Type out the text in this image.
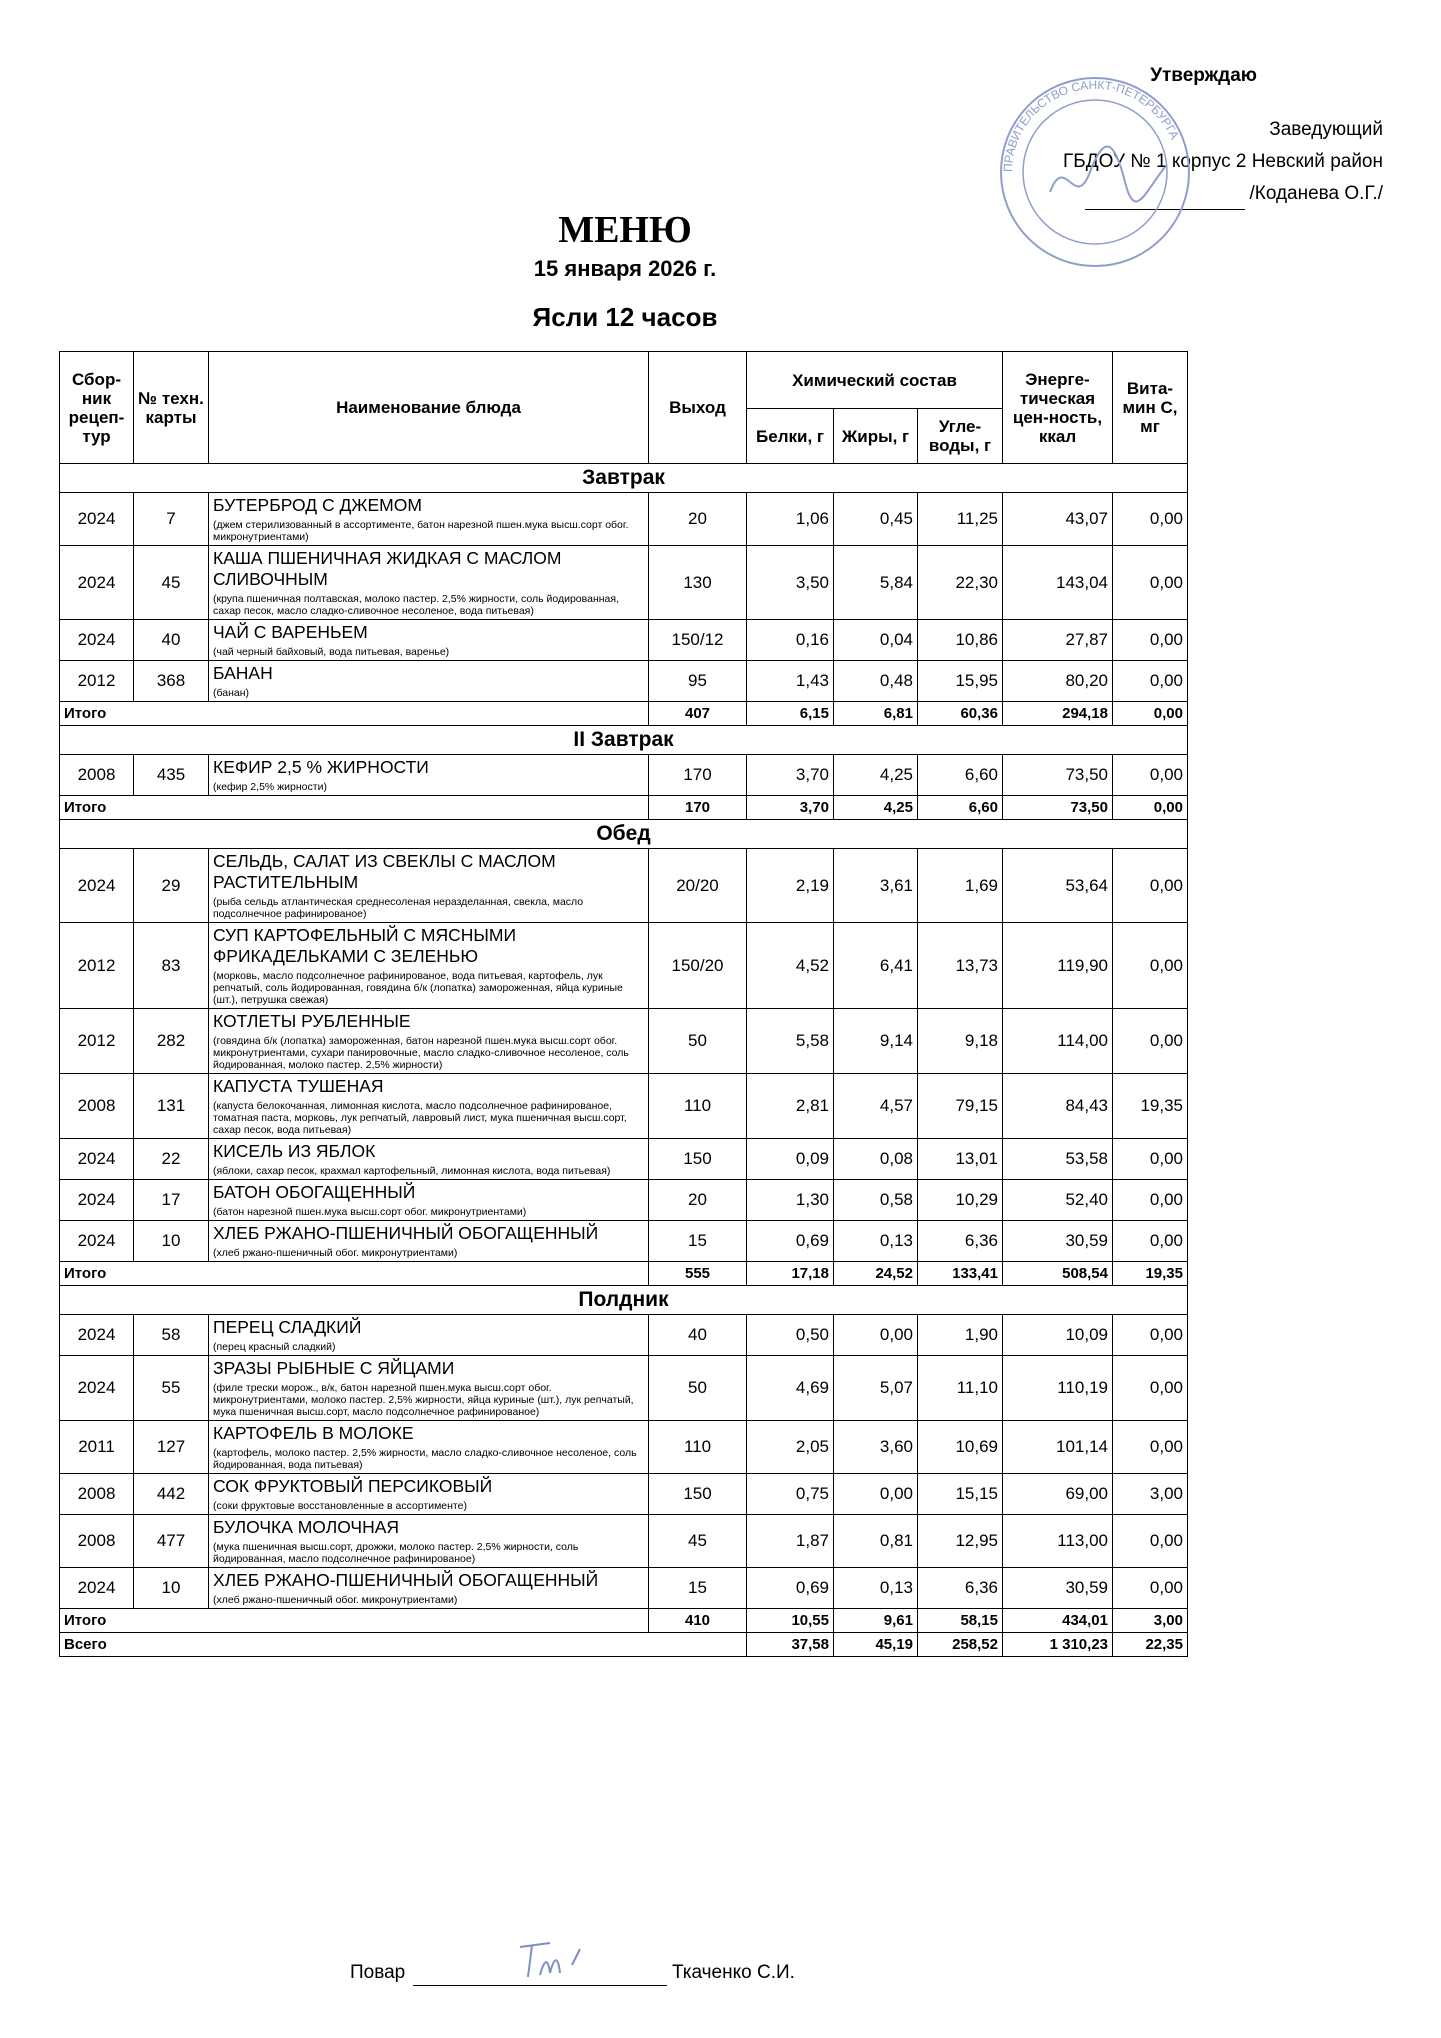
Утверждаю
Заведующий
ГБДОУ № 1 корпус 2 Невский район
/Коданева О.Г./
ПРАВИТЕЛЬСТВО САНКТ-ПЕТЕРБУРГА
МЕНЮ
15 января 2026 г.
Ясли 12 часов
Сбор-ник рецеп-тур	№ техн. карты	Наименование блюда	Выход	Химический состав			Энерге-тическая цен-ность, ккал	Вита-мин С, мг
				Белки, г	Жиры, г	Угле-воды, г		
Завтрак								
2024	7	БУТЕРБРОД С ДЖЕМОМ
(джем стерилизованный в ассортименте, батон нарезной пшен.мука высш.сорт обог. микронутриентами)	20	1,06	0,45	11,25	43,07	0,00
2024	45	КАША ПШЕНИЧНАЯ ЖИДКАЯ С МАСЛОМ СЛИВОЧНЫМ
(крупа пшеничная полтавская, молоко пастер. 2,5% жирности, соль йодированная, сахар песок, масло сладко-сливочное несоленое, вода питьевая)	130	3,50	5,84	22,30	143,04	0,00
2024	40	ЧАЙ С ВАРЕНЬЕМ
(чай черный байховый, вода питьевая, варенье)	150/12	0,16	0,04	10,86	27,87	0,00
2012	368	БАНАН
(банан)	95	1,43	0,48	15,95	80,20	0,00
Итого			407	6,15	6,81	60,36	294,18	0,00
II Завтрак								
2008	435	КЕФИР 2,5 % ЖИРНОСТИ
(кефир 2,5% жирности)	170	3,70	4,25	6,60	73,50	0,00
Итого			170	3,70	4,25	6,60	73,50	0,00
Обед								
2024	29	СЕЛЬДЬ, САЛАТ ИЗ СВЕКЛЫ С МАСЛОМ РАСТИТЕЛЬНЫМ
(рыба сельдь атлантическая среднесоленая неразделанная, свекла, масло подсолнечное рафинированое)	20/20	2,19	3,61	1,69	53,64	0,00
2012	83	СУП КАРТОФЕЛЬНЫЙ С МЯСНЫМИ ФРИКАДЕЛЬКАМИ С ЗЕЛЕНЬЮ
(морковь, масло подсолнечное рафинированое, вода питьевая, картофель, лук репчатый, соль йодированная, говядина б/к (лопатка) замороженная, яйца куриные (шт.), петрушка свежая)	150/20	4,52	6,41	13,73	119,90	0,00
2012	282	КОТЛЕТЫ РУБЛЕННЫЕ
(говядина б/к (лопатка) замороженная, батон нарезной пшен.мука высш.сорт обог. микронутриентами, сухари панировочные, масло сладко-сливочное несоленое, соль йодированная, молоко пастер. 2,5% жирности)	50	5,58	9,14	9,18	114,00	0,00
2008	131	КАПУСТА ТУШЕНАЯ
(капуста белокочанная, лимонная кислота, масло подсолнечное рафинированое, томатная паста, морковь, лук репчатый, лавровый лист, мука пшеничная высш.сорт, сахар песок, вода питьевая)	110	2,81	4,57	79,15	84,43	19,35
2024	22	КИСЕЛЬ ИЗ ЯБЛОК
(яблоки, сахар песок, крахмал картофельный, лимонная кислота, вода питьевая)	150	0,09	0,08	13,01	53,58	0,00
2024	17	БАТОН ОБОГАЩЕННЫЙ
(батон нарезной пшен.мука высш.сорт обог. микронутриентами)	20	1,30	0,58	10,29	52,40	0,00
2024	10	ХЛЕБ РЖАНО-ПШЕНИЧНЫЙ ОБОГАЩЕННЫЙ
(хлеб ржано-пшеничный обог. микронутриентами)	15	0,69	0,13	6,36	30,59	0,00
Итого			555	17,18	24,52	133,41	508,54	19,35
Полдник								
2024	58	ПЕРЕЦ СЛАДКИЙ
(перец красный сладкий)	40	0,50	0,00	1,90	10,09	0,00
2024	55	ЗРАЗЫ РЫБНЫЕ С ЯЙЦАМИ
(филе трески морож., в/к, батон нарезной пшен.мука высш.сорт обог. микронутриентами, молоко пастер. 2,5% жирности, яйца куриные (шт.), лук репчатый, мука пшеничная высш.сорт, масло подсолнечное рафинированое)	50	4,69	5,07	11,10	110,19	0,00
2011	127	КАРТОФЕЛЬ В МОЛОКЕ
(картофель, молоко пастер. 2,5% жирности, масло сладко-сливочное несоленое, соль йодированная, вода питьевая)	110	2,05	3,60	10,69	101,14	0,00
2008	442	СОК ФРУКТОВЫЙ ПЕРСИКОВЫЙ
(соки фруктовые восстановленные в ассортименте)	150	0,75	0,00	15,15	69,00	3,00
2008	477	БУЛОЧКА МОЛОЧНАЯ
(мука пшеничная высш.сорт, дрожжи, молоко пастер. 2,5% жирности, соль йодированная, масло подсолнечное рафинированое)	45	1,87	0,81	12,95	113,00	0,00
2024	10	ХЛЕБ РЖАНО-ПШЕНИЧНЫЙ ОБОГАЩЕННЫЙ
(хлеб ржано-пшеничный обог. микронутриентами)	15	0,69	0,13	6,36	30,59	0,00
Итого			410	10,55	9,61	58,15	434,01	3,00
Всего				37,58	45,19	258,52	1 310,23	22,35
Повар	Ткаченко С.И.
